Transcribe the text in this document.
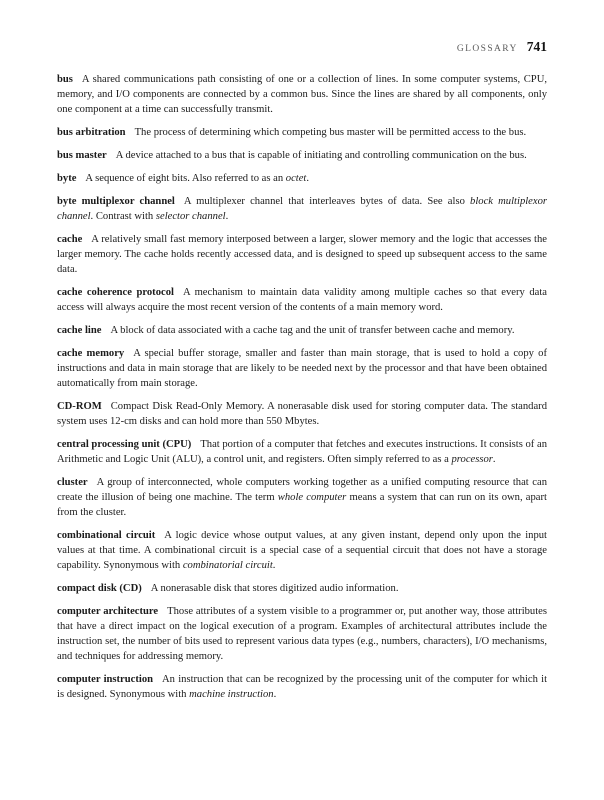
GLOSSARY 741

bus A shared communications path consisting of one or a collection of lines. In some computer systems, CPU, memory, and I/O components are connected by a common bus. Since the lines are shared by all components, only one component at a time can successfully transmit.

bus arbitration The process of determining which competing bus master will be permitted access to the bus.

bus master A device attached to a bus that is capable of initiating and controlling communication on the bus.

byte A sequence of eight bits. Also referred to as an octet.

byte multiplexor channel A multiplexer channel that interleaves bytes of data. See also block multiplexor channel. Contrast with selector channel.

cache A relatively small fast memory interposed between a larger, slower memory and the logic that accesses the larger memory. The cache holds recently accessed data, and is designed to speed up subsequent access to the same data.

cache coherence protocol A mechanism to maintain data validity among multiple caches so that every data access will always acquire the most recent version of the contents of a main memory word.

cache line A block of data associated with a cache tag and the unit of transfer between cache and memory.

cache memory A special buffer storage, smaller and faster than main storage, that is used to hold a copy of instructions and data in main storage that are likely to be needed next by the processor and that have been obtained automatically from main storage.

CD-ROM Compact Disk Read-Only Memory. A nonerasable disk used for storing computer data. The standard system uses 12-cm disks and can hold more than 550 Mbytes.

central processing unit (CPU) That portion of a computer that fetches and executes instructions. It consists of an Arithmetic and Logic Unit (ALU), a control unit, and registers. Often simply referred to as a processor.

cluster A group of interconnected, whole computers working together as a unified computing resource that can create the illusion of being one machine. The term whole computer means a system that can run on its own, apart from the cluster.

combinational circuit A logic device whose output values, at any given instant, depend only upon the input values at that time. A combinational circuit is a special case of a sequential circuit that does not have a storage capability. Synonymous with combinatorial circuit.

compact disk (CD) A nonerasable disk that stores digitized audio information.

computer architecture Those attributes of a system visible to a programmer or, put another way, those attributes that have a direct impact on the logical execution of a program. Examples of architectural attributes include the instruction set, the number of bits used to represent various data types (e.g., numbers, characters), I/O mechanisms, and techniques for addressing memory.

computer instruction An instruction that can be recognized by the processing unit of the computer for which it is designed. Synonymous with machine instruction.
